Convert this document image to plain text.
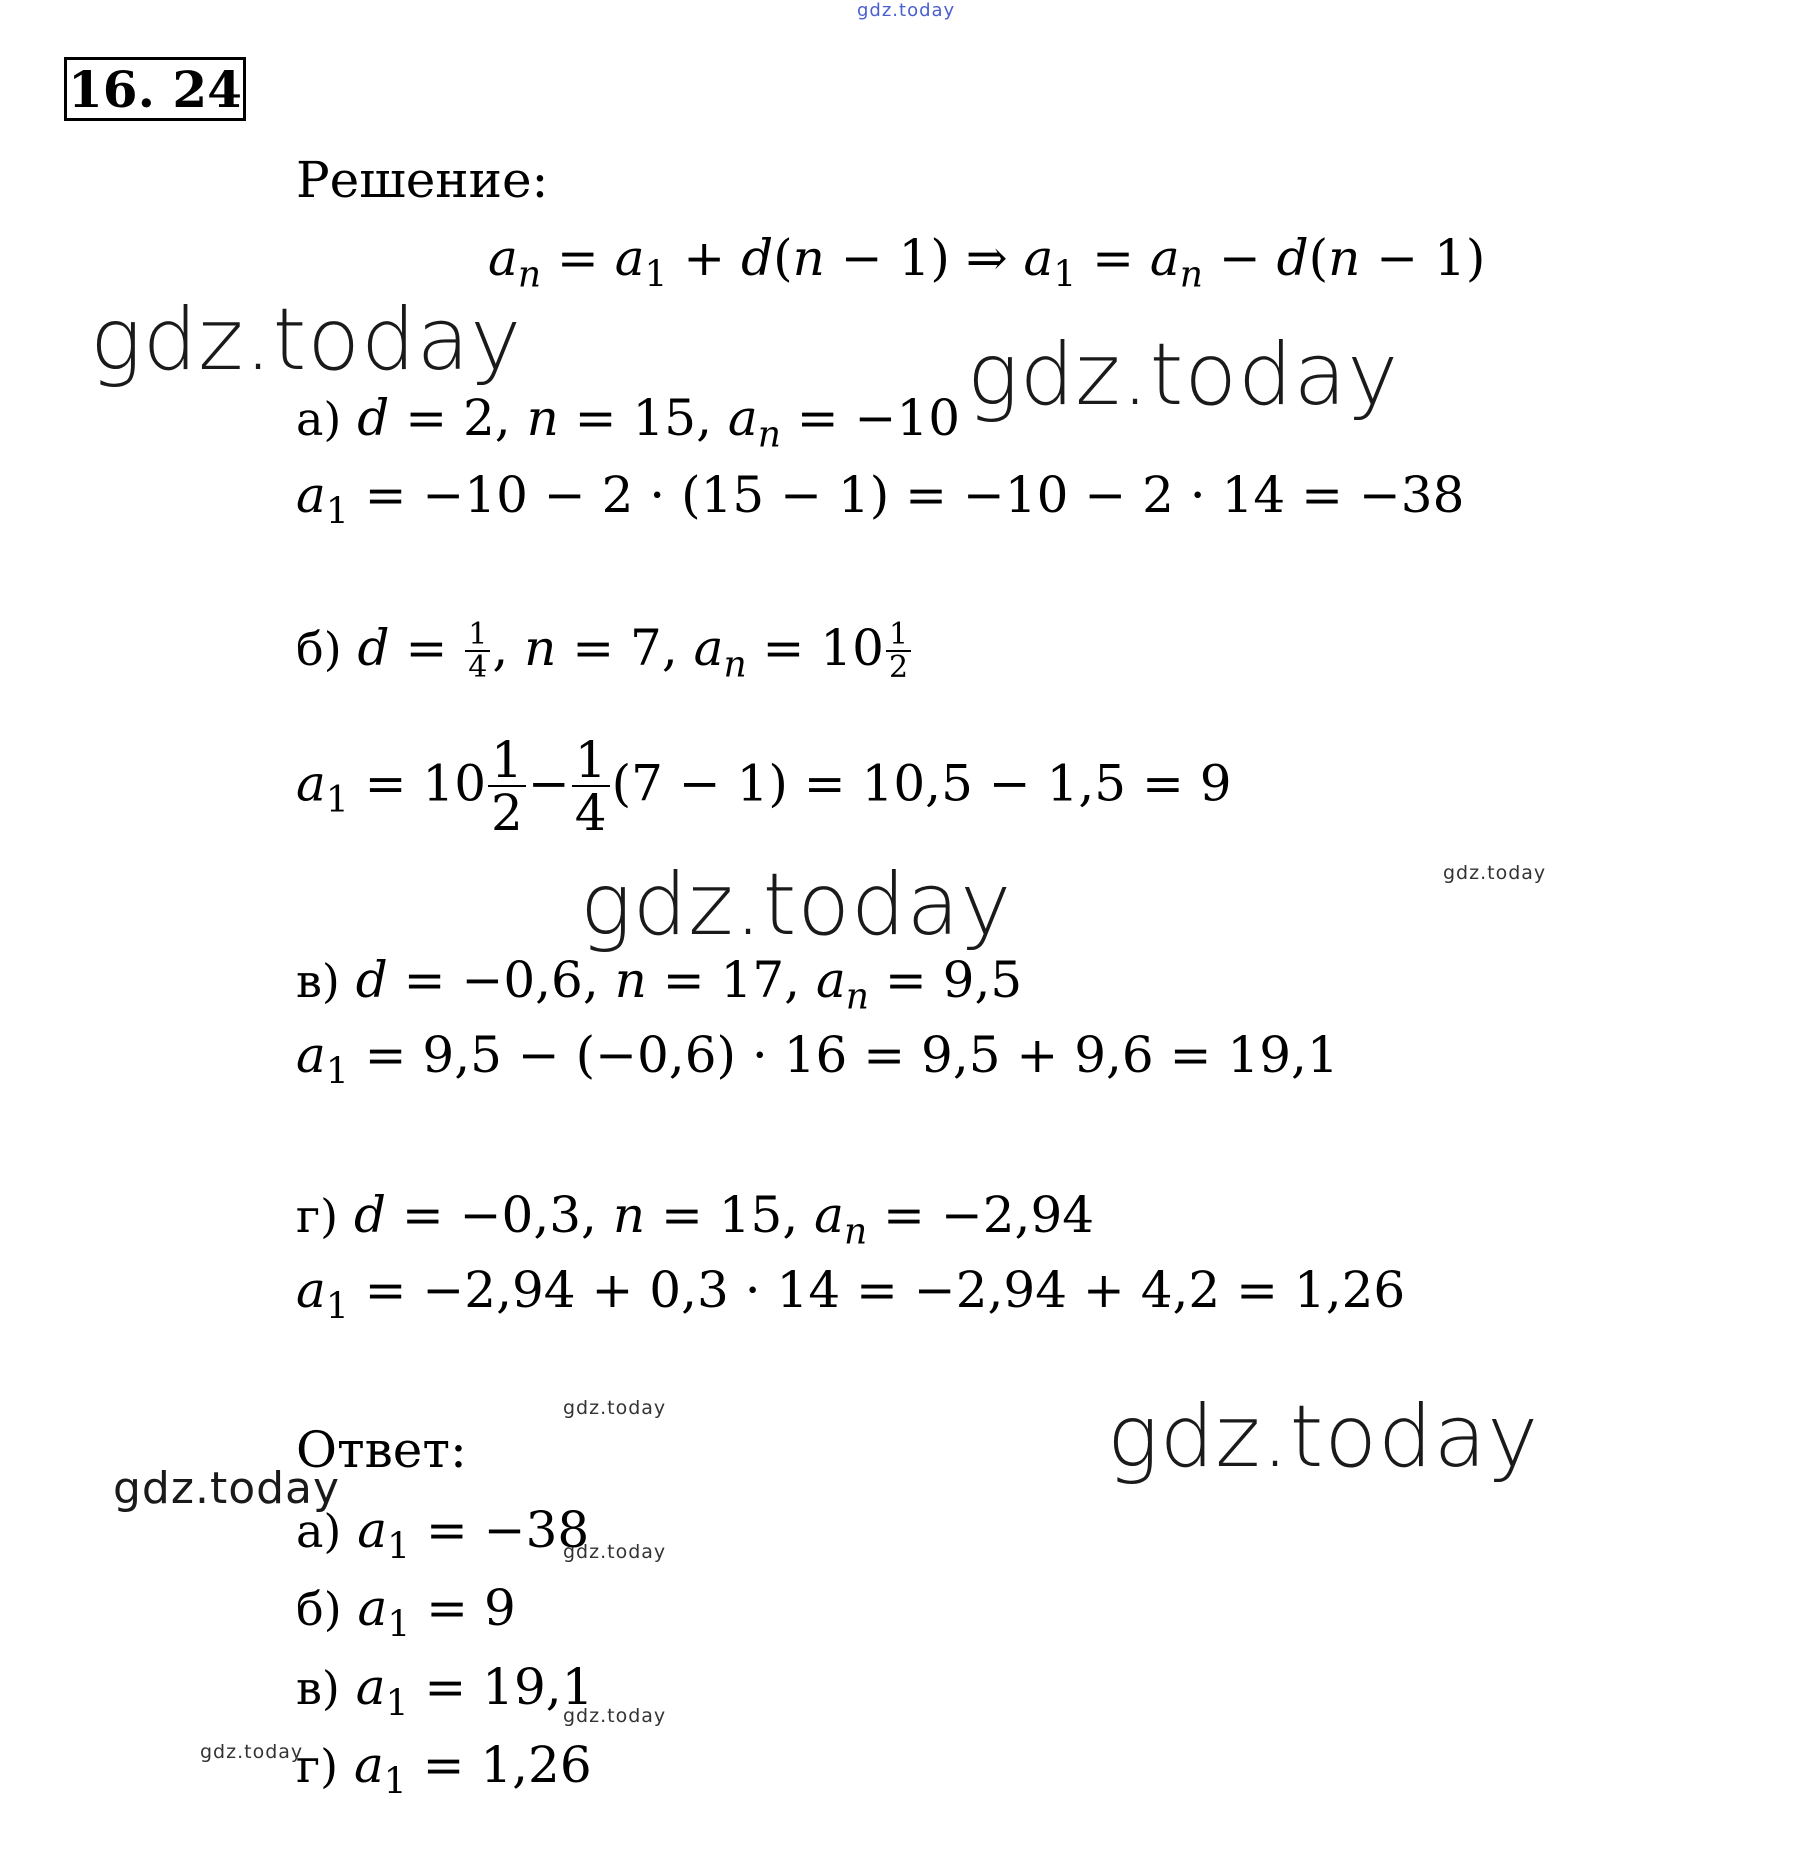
gdz.today
gdz.today	gdz.today
gdz.today
gdz.today
gdz.today	gdz.today
gdz.today
gdz.today
gdz.today
gdz.today
16. 24
Решение:
$a_n = a_1 + d(n - 1)$ ⇒ $a_1 = a_n - d(n - 1)$
а) d = 2, n = 15, $a_n = -10$
$a_1 = -10 - 2 \cdot (15 - 1) = -10 - 2 \cdot 14 = -38$
б) $d = \frac{1}{4}$ , n = 7, $a_n = 10 \frac{1}{2}$
$a_1 = 10 \frac{1}{2} - \frac{1}{4} (7 - 1) = 10,5 - 1,5 = 9$
в) d = −0,6, n = 17, $a_n = 9,5$
$a_1 = 9,5 - (-0,6) \cdot 16 = 9,5 + 9,6 = 19,1$
г) d = −0,3, n = 15, $a_n = -2,94$
$a_1 = -2,94 + 0,3 \cdot 14 = -2,94 + 4,2 = 1,26$
Ответ:
а) $a_1 = -38$
б) $a_1 = 9$
в) $a_1 = 19,1$
г) $a_1 = 1,26$
